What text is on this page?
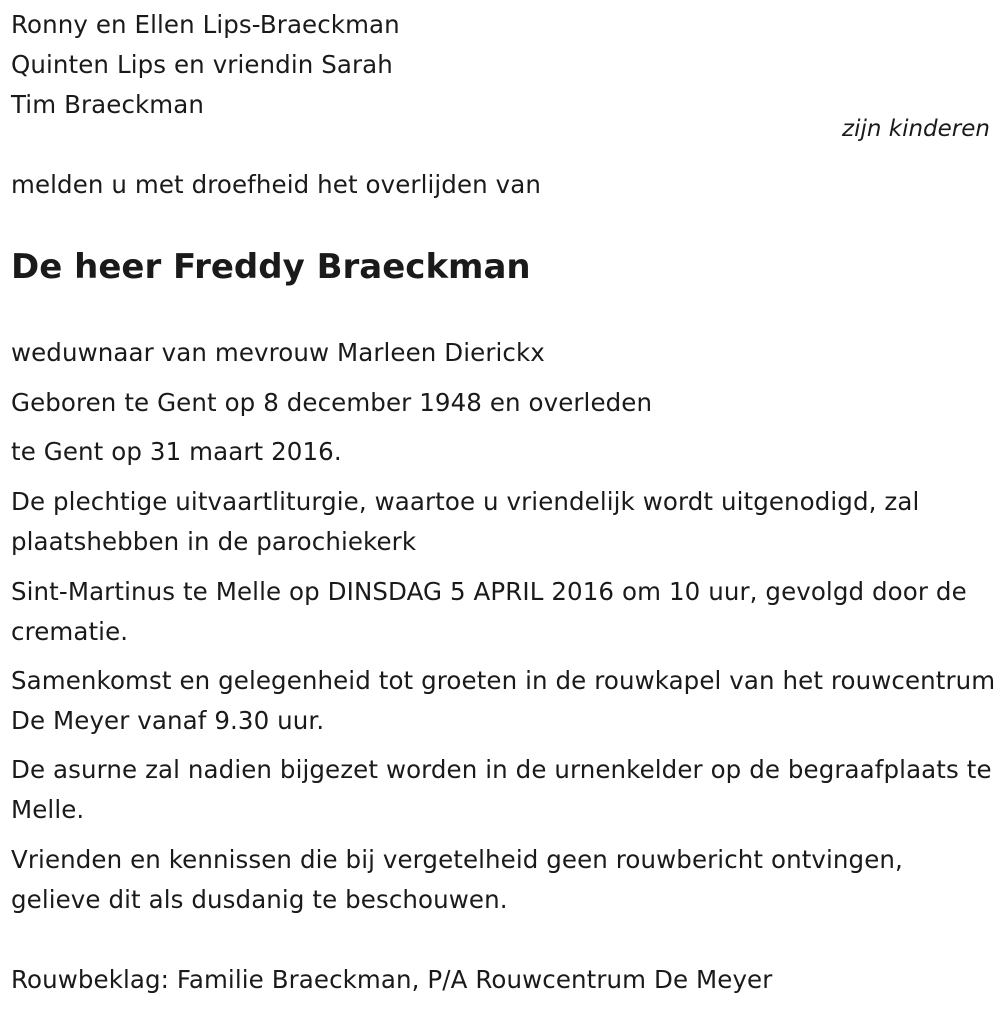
Ronny en Ellen Lips-Braeckman
Quinten Lips en vriendin Sarah
Tim Braeckman
zijn kinderen
melden u met droefheid het overlijden van
De heer Freddy Braeckman
weduwnaar van mevrouw Marleen Dierickx
Geboren te Gent op 8 december 1948 en overleden
te Gent op 31 maart 2016.
De plechtige uitvaartliturgie, waartoe u vriendelijk wordt uitgenodigd, zal plaatshebben in de parochiekerk
Sint-Martinus te Melle op DINSDAG 5 APRIL 2016 om 10 uur, gevolgd door de crematie.
Samenkomst en gelegenheid tot groeten in de rouwkapel van het rouwcentrum De Meyer vanaf 9.30 uur.
De asurne zal nadien bijgezet worden in de urnenkelder op de begraafplaats te Melle.
Vrienden en kennissen die bij vergetelheid geen rouwbericht ontvingen, gelieve dit als dusdanig te beschouwen.
Rouwbeklag: Familie Braeckman, P/A Rouwcentrum De Meyer
